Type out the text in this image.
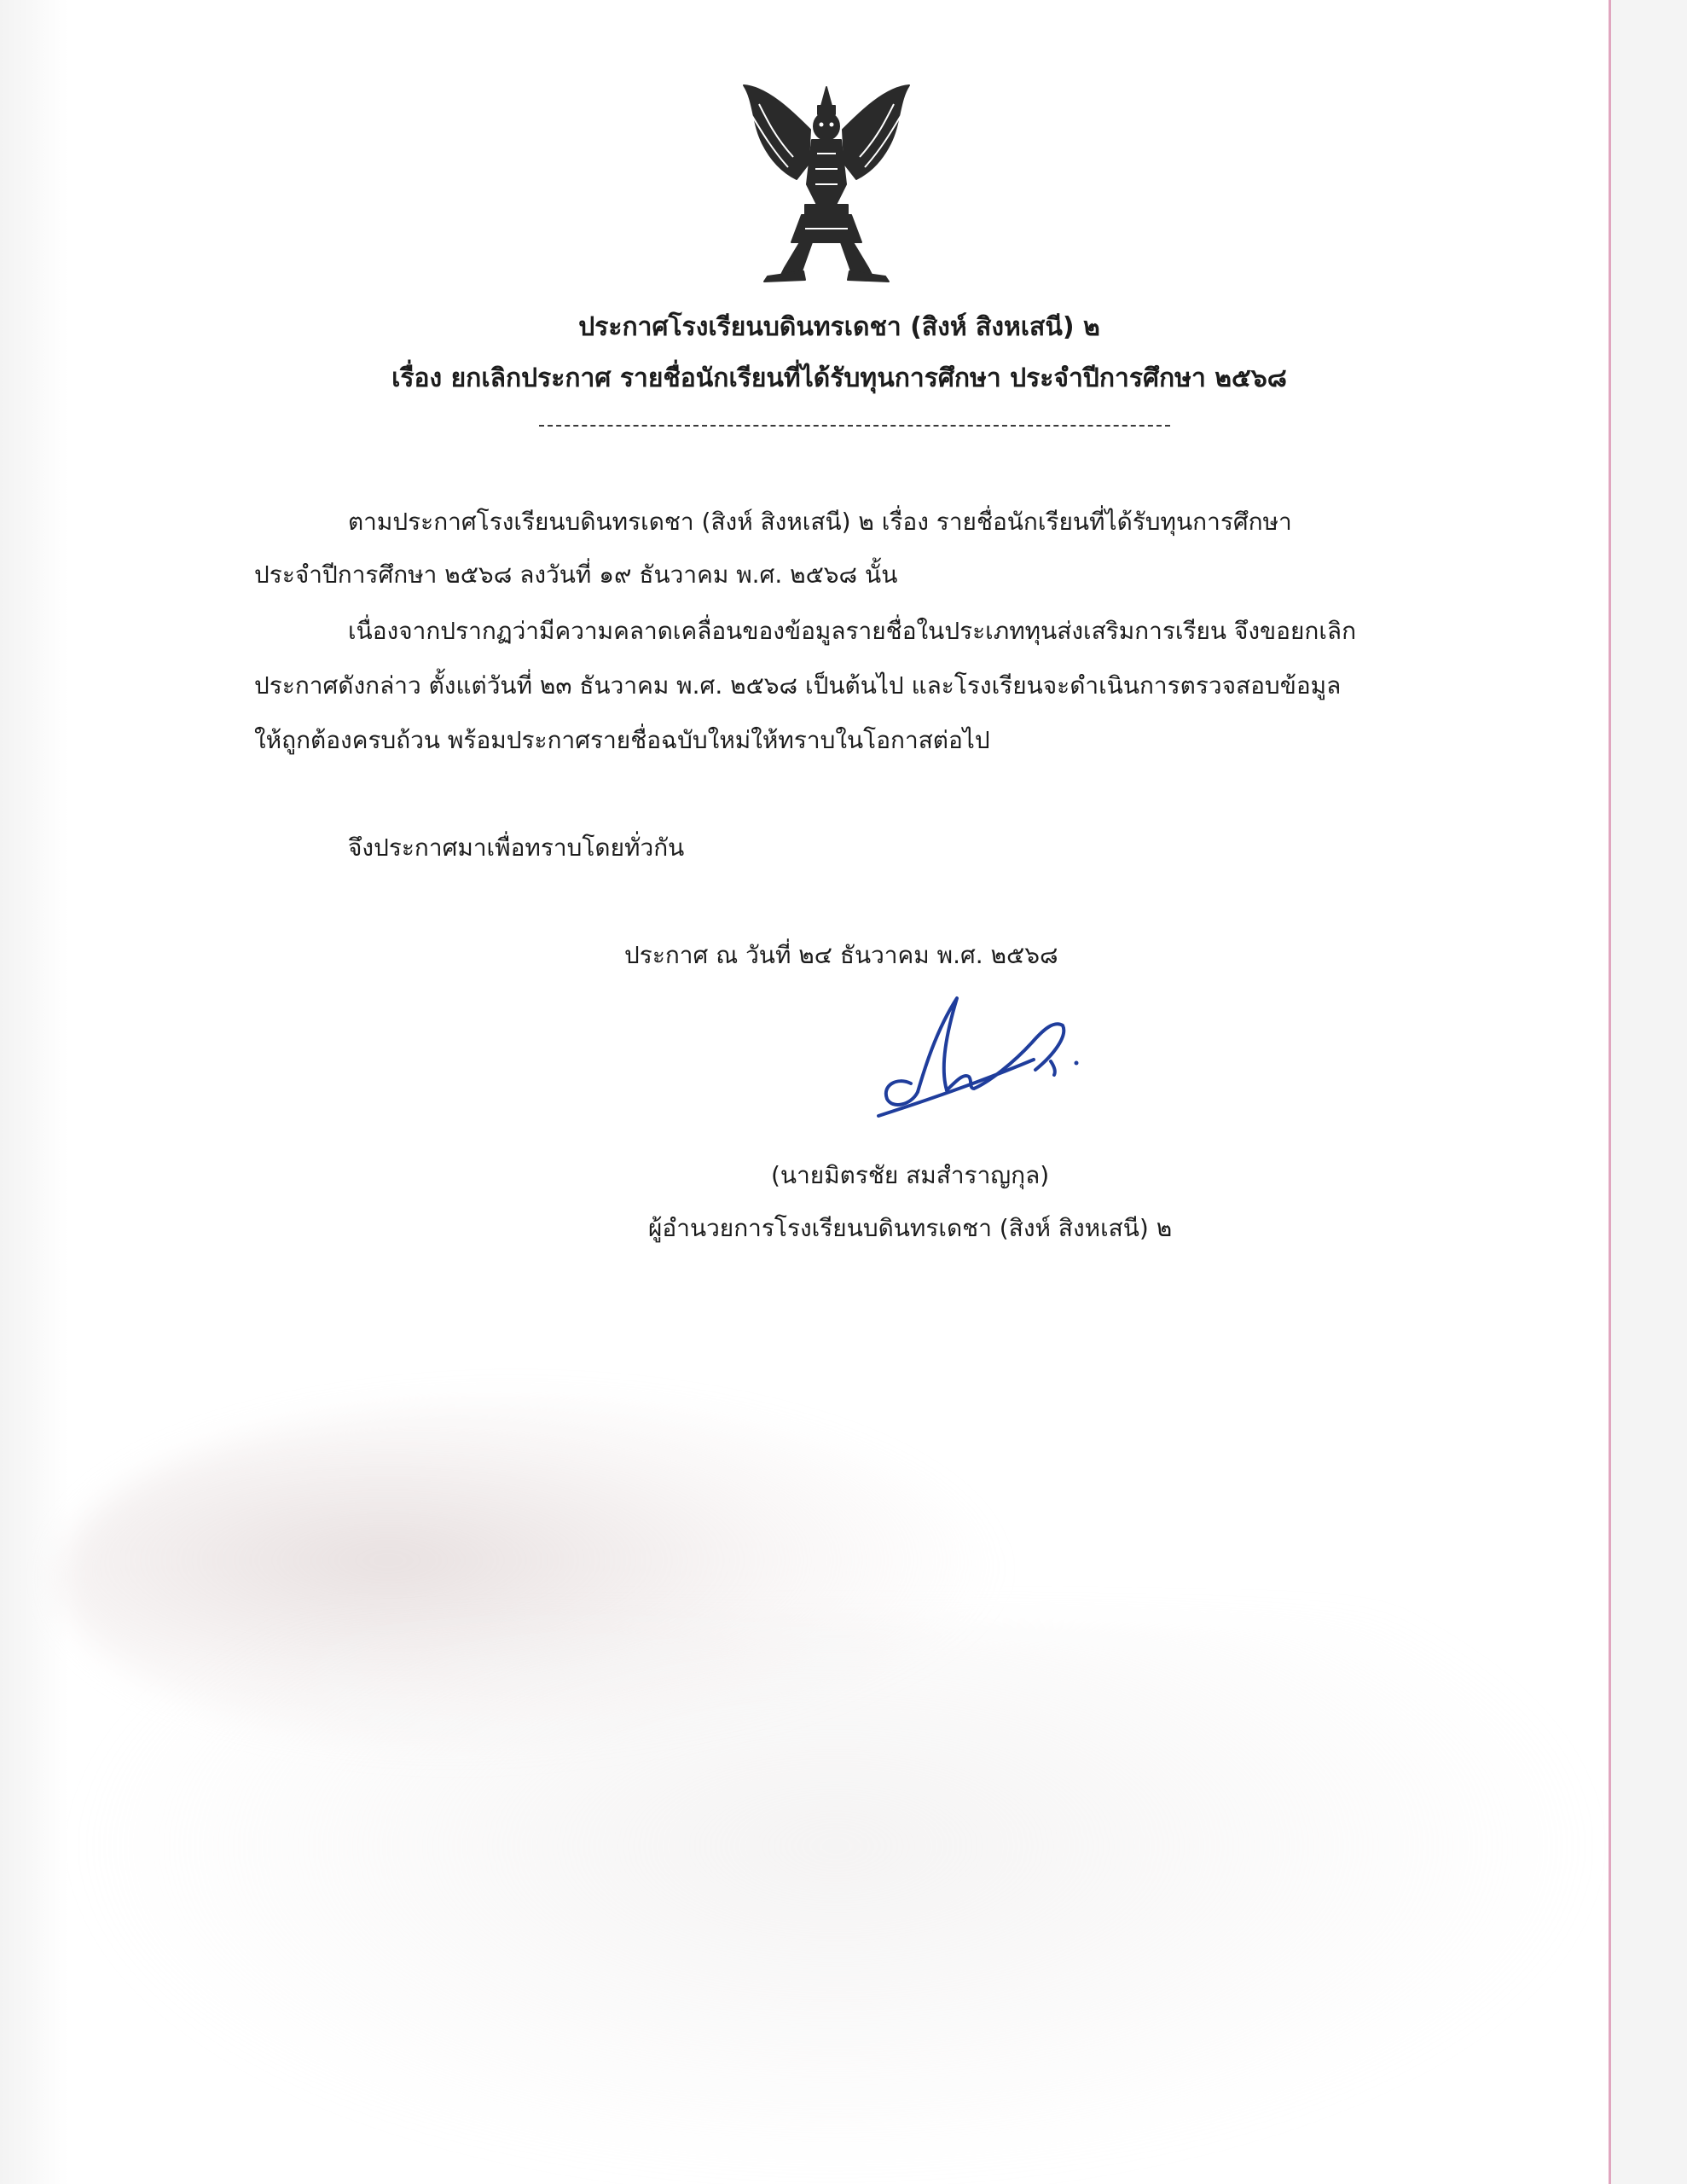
ประกาศโรงเรียนบดินทรเดชา (สิงห์ สิงหเสนี) ๒
เรื่อง ยกเลิกประกาศ รายชื่อนักเรียนที่ได้รับทุนการศึกษา ประจำปีการศึกษา ๒๕๖๘
ตามประกาศโรงเรียนบดินทรเดชา (สิงห์ สิงหเสนี) ๒ เรื่อง รายชื่อนักเรียนที่ได้รับทุนการศึกษา
ประจำปีการศึกษา ๒๕๖๘ ลงวันที่ ๑๙ ธันวาคม พ.ศ. ๒๕๖๘ นั้น
เนื่องจากปรากฏว่ามีความคลาดเคลื่อนของข้อมูลรายชื่อในประเภททุนส่งเสริมการเรียน จึงขอยกเลิก
ประกาศดังกล่าว ตั้งแต่วันที่ ๒๓ ธันวาคม พ.ศ. ๒๕๖๘ เป็นต้นไป และโรงเรียนจะดำเนินการตรวจสอบข้อมูล
ให้ถูกต้องครบถ้วน พร้อมประกาศรายชื่อฉบับใหม่ให้ทราบในโอกาสต่อไป
จึงประกาศมาเพื่อทราบโดยทั่วกัน
ประกาศ ณ วันที่ ๒๔ ธันวาคม พ.ศ. ๒๕๖๘
(นายมิตรชัย สมสำราญกุล)
ผู้อำนวยการโรงเรียนบดินทรเดชา (สิงห์ สิงหเสนี) ๒
